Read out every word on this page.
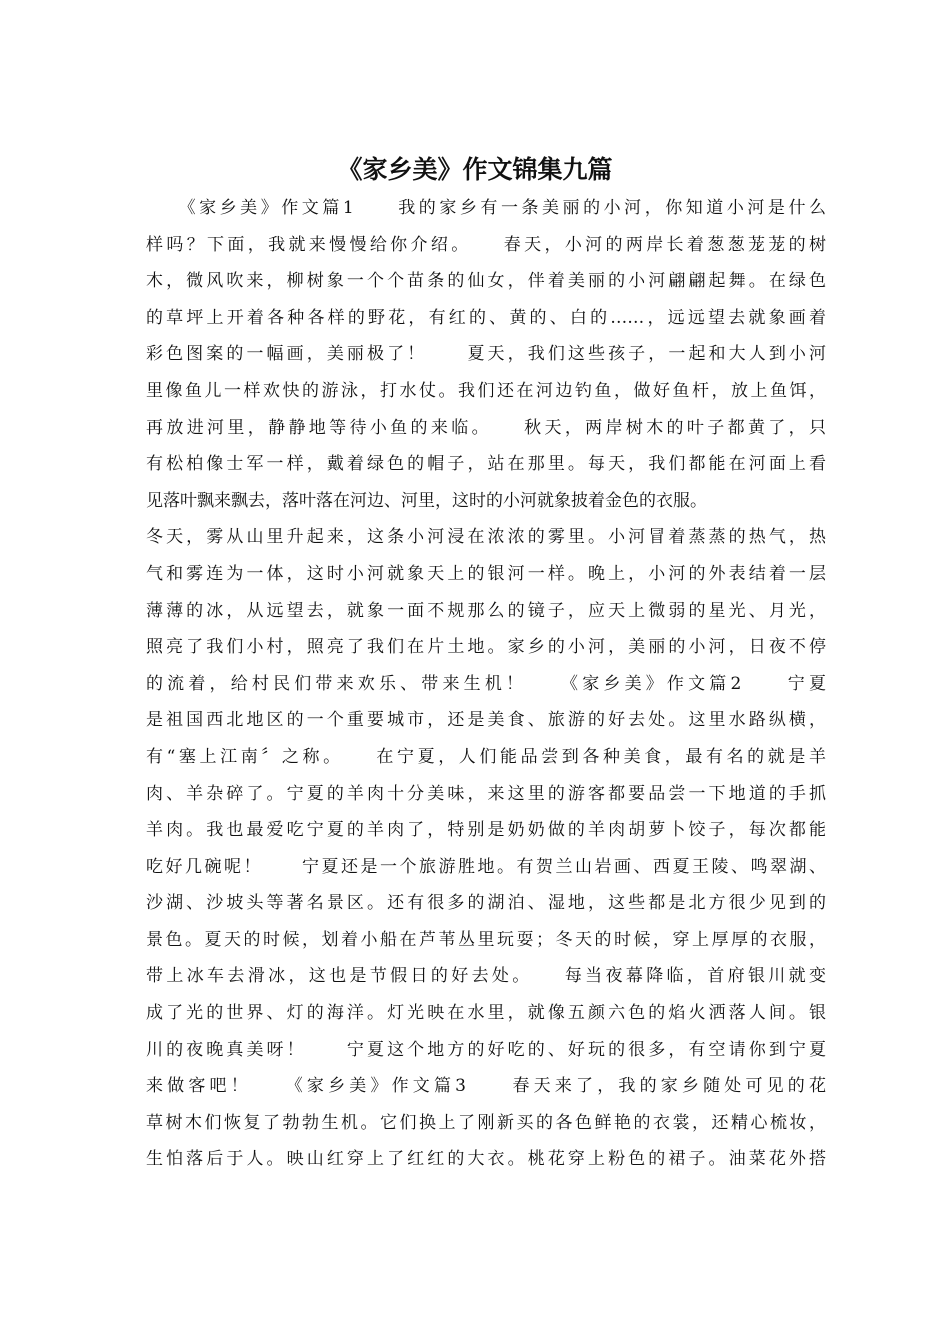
《家乡美》作文锦集九篇
　　《家乡美》作文篇1　　我的家乡有一条美丽的小河，你知道小河是什么
样吗？下面，我就来慢慢给你介绍。　　春天，小河的两岸长着葱葱茏茏的树
木，微风吹来，柳树象一个个苗条的仙女，伴着美丽的小河翩翩起舞。在绿色
的草坪上开着各种各样的野花，有红的、黄的、白的……，远远望去就象画着
彩色图案的一幅画，美丽极了！　　夏天，我们这些孩子，一起和大人到小河
里像鱼儿一样欢快的游泳，打水仗。我们还在河边钓鱼，做好鱼杆，放上鱼饵，
再放进河里，静静地等待小鱼的来临。　　秋天，两岸树木的叶子都黄了，只
有松柏像士军一样，戴着绿色的帽子，站在那里。每天，我们都能在河面上看
见落叶飘来飘去，落叶落在河边、河里，这时的小河就象披着金色的衣服。
冬天，雾从山里升起来，这条小河浸在浓浓的雾里。小河冒着蒸蒸的热气，热
气和雾连为一体，这时小河就象天上的银河一样。晚上，小河的外表结着一层
薄薄的冰，从远望去，就象一面不规那么的镜子，应天上微弱的星光、月光，
照亮了我们小村，照亮了我们在片土地。家乡的小河，美丽的小河，日夜不停
的流着，给村民们带来欢乐、带来生机！　　《家乡美》作文篇2　　宁夏
是祖国西北地区的一个重要城市，还是美食、旅游的好去处。这里水路纵横，
有“塞上江南〞之称。　　在宁夏，人们能品尝到各种美食，最有名的就是羊
肉、羊杂碎了。宁夏的羊肉十分美味，来这里的游客都要品尝一下地道的手抓
羊肉。我也最爱吃宁夏的羊肉了，特别是奶奶做的羊肉胡萝卜饺子，每次都能
吃好几碗呢！　　宁夏还是一个旅游胜地。有贺兰山岩画、西夏王陵、鸣翠湖、
沙湖、沙坡头等著名景区。还有很多的湖泊、湿地，这些都是北方很少见到的
景色。夏天的时候，划着小船在芦苇丛里玩耍；冬天的时候，穿上厚厚的衣服，
带上冰车去滑冰，这也是节假日的好去处。　　每当夜幕降临，首府银川就变
成了光的世界、灯的海洋。灯光映在水里，就像五颜六色的焰火洒落人间。银
川的夜晚真美呀！　　宁夏这个地方的好吃的、好玩的很多，有空请你到宁夏
来做客吧！　　《家乡美》作文篇3　　春天来了，我的家乡随处可见的花
草树木们恢复了勃勃生机。它们换上了刚新买的各色鲜艳的衣裳，还精心梳妆，
生怕落后于人。映山红穿上了红红的大衣。桃花穿上粉色的裙子。油菜花外搭
